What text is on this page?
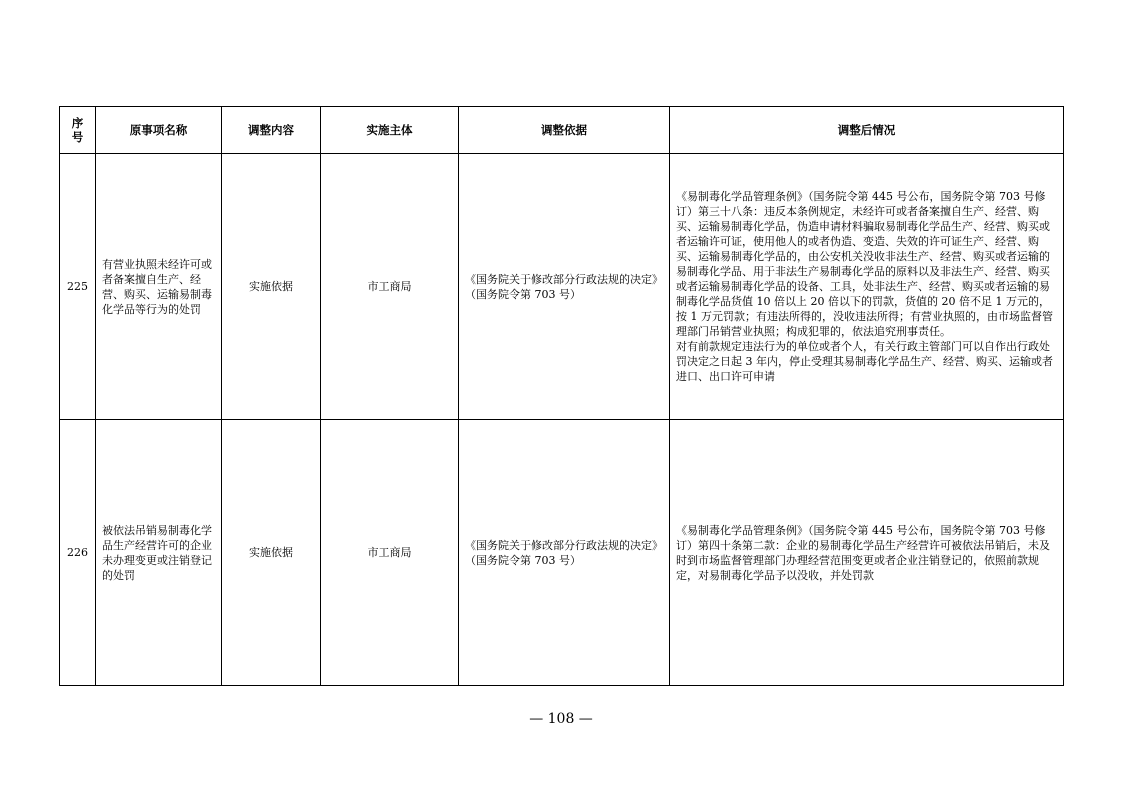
序
号	原事项名称	调整内容	实施主体	调整依据	调整后情况
225	有营业执照未经许可或者备案擅自生产、经营、购买、运输易制毒化学品等行为的处罚	实施依据	市工商局	《国务院关于修改部分行政法规的决定》（国务院令第 703 号）	《易制毒化学品管理条例》（国务院令第 445 号公布，国务院令第 703 号修订）第三十八条：违反本条例规定，未经许可或者备案擅自生产、经营、购买、运输易制毒化学品，伪造申请材料骗取易制毒化学品生产、经营、购买或者运输许可证，使用他人的或者伪造、变造、失效的许可证生产、经营、购买、运输易制毒化学品的，由公安机关没收非法生产、经营、购买或者运输的易制毒化学品、用于非法生产易制毒化学品的原料以及非法生产、经营、购买或者运输易制毒化学品的设备、工具，处非法生产、经营、购买或者运输的易制毒化学品货值 10 倍以上 20 倍以下的罚款，货值的 20 倍不足 1 万元的，按 1 万元罚款；有违法所得的，没收违法所得；有营业执照的，由市场监督管理部门吊销营业执照；构成犯罪的，依法追究刑事责任。
对有前款规定违法行为的单位或者个人，有关行政主管部门可以自作出行政处罚决定之日起 3 年内，停止受理其易制毒化学品生产、经营、购买、运输或者进口、出口许可申请
226	被依法吊销易制毒化学品生产经营许可的企业未办理变更或注销登记的处罚	实施依据	市工商局	《国务院关于修改部分行政法规的决定》（国务院令第 703 号）	《易制毒化学品管理条例》（国务院令第 445 号公布，国务院令第 703 号修订）第四十条第二款：企业的易制毒化学品生产经营许可被依法吊销后，未及时到市场监督管理部门办理经营范围变更或者企业注销登记的，依照前款规定，对易制毒化学品予以没收，并处罚款
— 108 —
